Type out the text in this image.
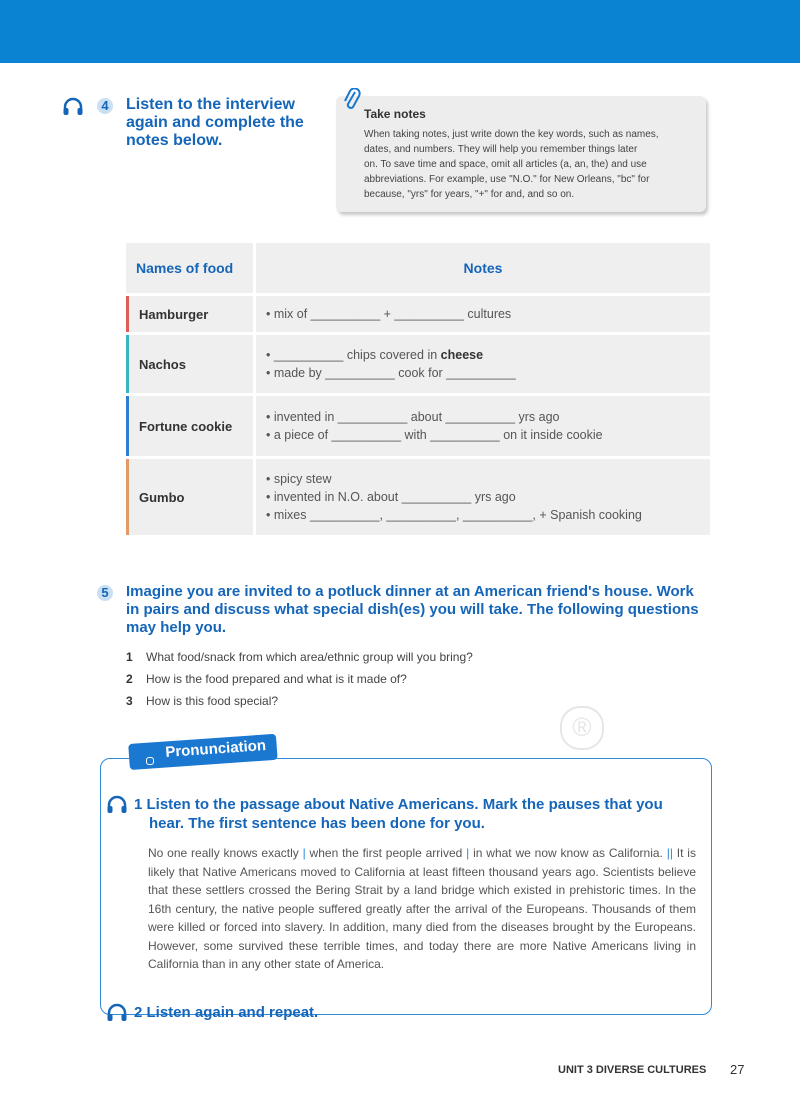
4 Listen to the interview
again and complete the
notes below.
Take notes
When taking notes, just write down the key words, such as names,
dates, and numbers. They will help you remember things later
on. To save time and space, omit all articles (a, an, the) and use
abbreviations. For example, use "N.O." for New Orleans, "bc" for
because, "yrs" for years, "+" for and, and so on.
Names of food	Notes
Hamburger	• mix of __________ + __________ cultures

Nachos	• __________ chips covered in cheese
• made by __________ cook for __________

Fortune cookie	• invented in __________ about __________ yrs ago
• a piece of __________ with __________ on it inside cookie

Gumbo	• spicy stew
• invented in N.O. about __________ yrs ago
• mixes __________, __________, __________, + Spanish cooking
5 Imagine you are invited to a potluck dinner at an American friend's house. Work
in pairs and discuss what special dish(es) you will take. The following questions
may help you.
1 What food/snack from which area/ethnic group will you bring?
2 How is the food prepared and what is it made of?
3 How is this food special?
®
Pronunciation
1 Listen to the passage about Native Americans. Mark the pauses that you
hear. The first sentence has been done for you.
No one really knows exactly | when the first people arrived | in what we now know as California. || It is likely that Native Americans moved to California at least fifteen thousand years ago. Scientists believe that these settlers crossed the Bering Strait by a land bridge which existed in prehistoric times. In the 16th century, the native people suffered greatly after the arrival of the Europeans. Thousands of them were killed or forced into slavery. In addition, many died from the diseases brought by the Europeans. However, some survived these terrible times, and today there are more Native Americans living in California than in any other state of America.
2 Listen again and repeat.
UNIT 3 DIVERSE CULTURES 27
